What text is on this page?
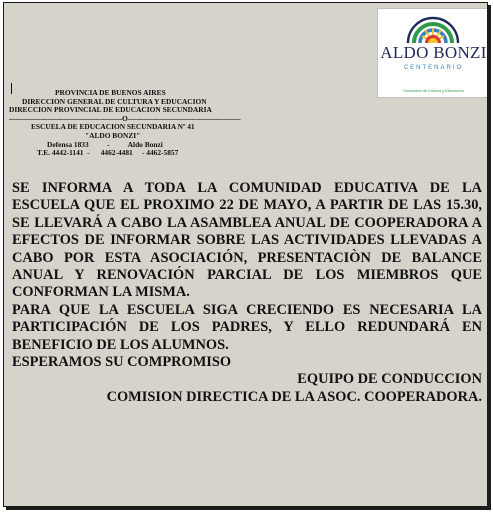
PROVINCIA DE BUENOS AIRES
DIRECCION GENERAL DE CULTURA Y EDUCACION
DIRECCION PROVINCIAL DE EDUCACION SECUNDARIA
--------------------------------------------------O--------------------------------------------------
ESCUELA DE EDUCACION SECUNDARIA Nº 41
"ALDO BONZI"
Defensa 1833          -          Aldo Bonzi
T.E. 4442-1141  -      4462-4481     - 4462-5857
ALDO BONZI
CENTENARIO
Secretaría de Cultura y Educación
SE INFORMA A TODA LA COMUNIDAD EDUCATIVA DE LA ESCUELA QUE EL PROXIMO 22 DE MAYO, A PARTIR DE LAS 15.30, SE LLEVARÁ A CABO LA ASAMBLEA ANUAL DE COOPERADORA A EFECTOS DE INFORMAR SOBRE LAS ACTIVIDADES LLEVADAS A CABO POR ESTA ASOCIACIÓN, PRESENTACIÒN DE BALANCE ANUAL Y RENOVACIÓN PARCIAL DE LOS MIEMBROS QUE CONFORMAN LA MISMA.
PARA QUE LA ESCUELA SIGA CRECIENDO ES NECESARIA LA PARTICIPACIÓN DE LOS PADRES, Y ELLO REDUNDARÁ EN BENEFICIO DE LOS ALUMNOS.
ESPERAMOS SU COMPROMISO
EQUIPO DE CONDUCCION
COMISION DIRECTICA DE LA ASOC. COOPERADORA.
